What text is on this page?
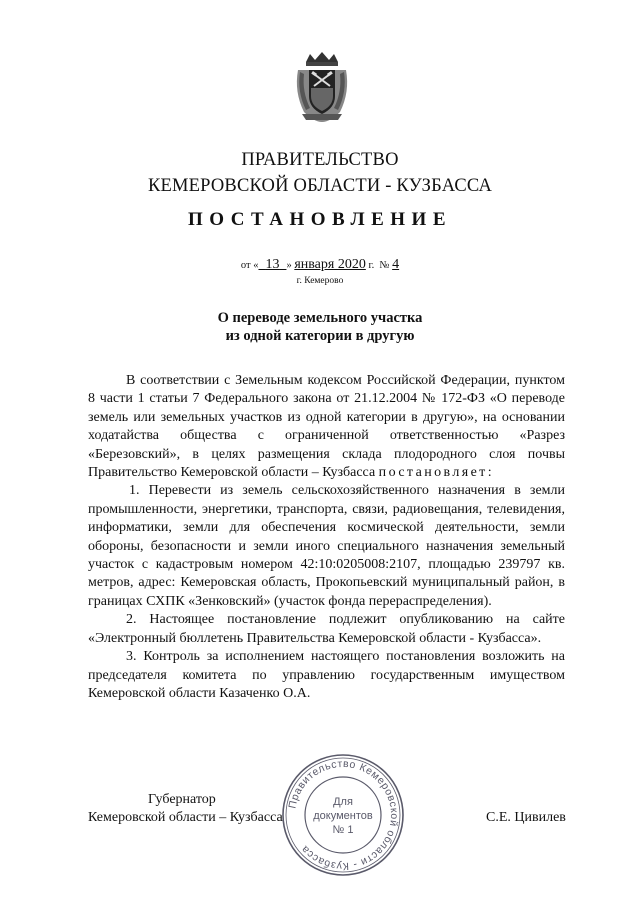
ПРАВИТЕЛЬСТВО
КЕМЕРОВСКОЙ ОБЛАСТИ - КУЗБАССА
ПОСТАНОВЛЕНИЕ
от « 13 » января 2020 г. № 4
г. Кемерово
О переводе земельного участка
из одной категории в другую

В соответствии с Земельным кодексом Российской Федерации, пунктом 8 части 1 статьи 7 Федерального закона от 21.12.2004 № 172-ФЗ «О переводе земель или земельных участков из одной категории в другую», на основании ходатайства общества с ограниченной ответственностью «Разрез «Березовский», в целях размещения склада плодородного слоя почвы Правительство Кемеровской области – Кузбасса постановляет:

1. Перевести из земель сельскохозяйственного назначения в земли промышленности, энергетики, транспорта, связи, радиовещания, телевидения, информатики, земли для обеспечения космической деятельности, земли обороны, безопасности и земли иного специального назначения земельный участок с кадастровым номером 42:10:0205008:2107, площадью 239797 кв. метров, адрес: Кемеровская область, Прокопьевский муниципальный район, в границах СХПК «Зенковский» (участок фонда перераспределения).

2. Настоящее постановление подлежит опубликованию на сайте «Электронный бюллетень Правительства Кемеровской области - Кузбасса».

3. Контроль за исполнением настоящего постановления возложить на председателя комитета по управлению государственным имуществом Кемеровской области Казаченко О.А.

Губернатор
Кемеровской области – Кузбасса	С.Е. Цивилев
Правительство Кемеровской области - Кузбасса
Для
документов
№ 1
